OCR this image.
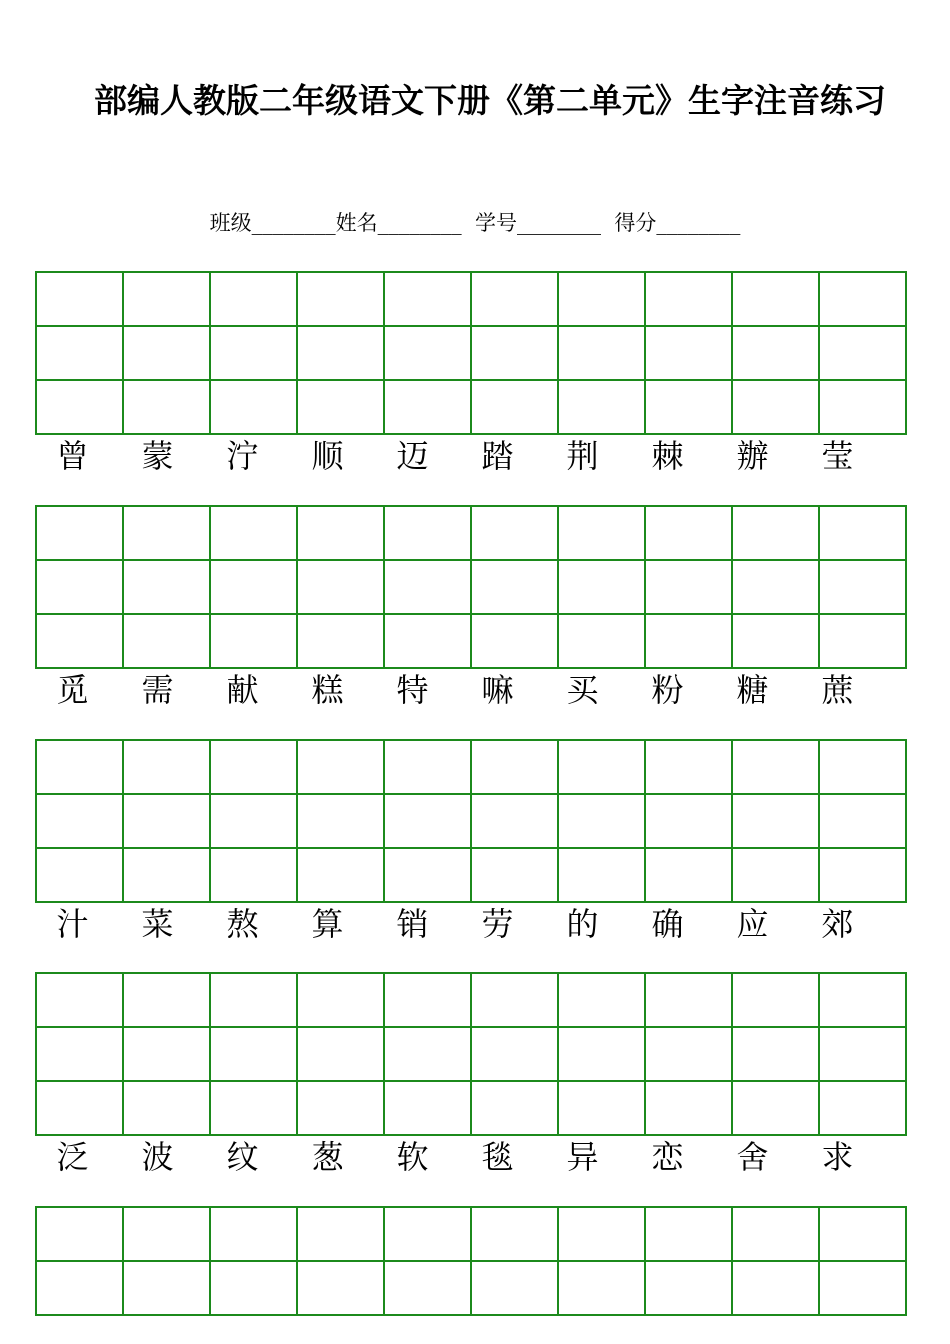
部编人教版二年级语文下册《第二单元》生字注音练习
班级________姓名________  学号________  得分________

曾	蒙	泞	顺	迈	踏	荆	棘	辦	莹

觅	需	献	糕	特	嘛	买	粉	糖	蔗

汁	菜	熬	算	销	劳	的	确	应	郊

泛	波	纹	葱	软	毯	异	恋	舍	求
